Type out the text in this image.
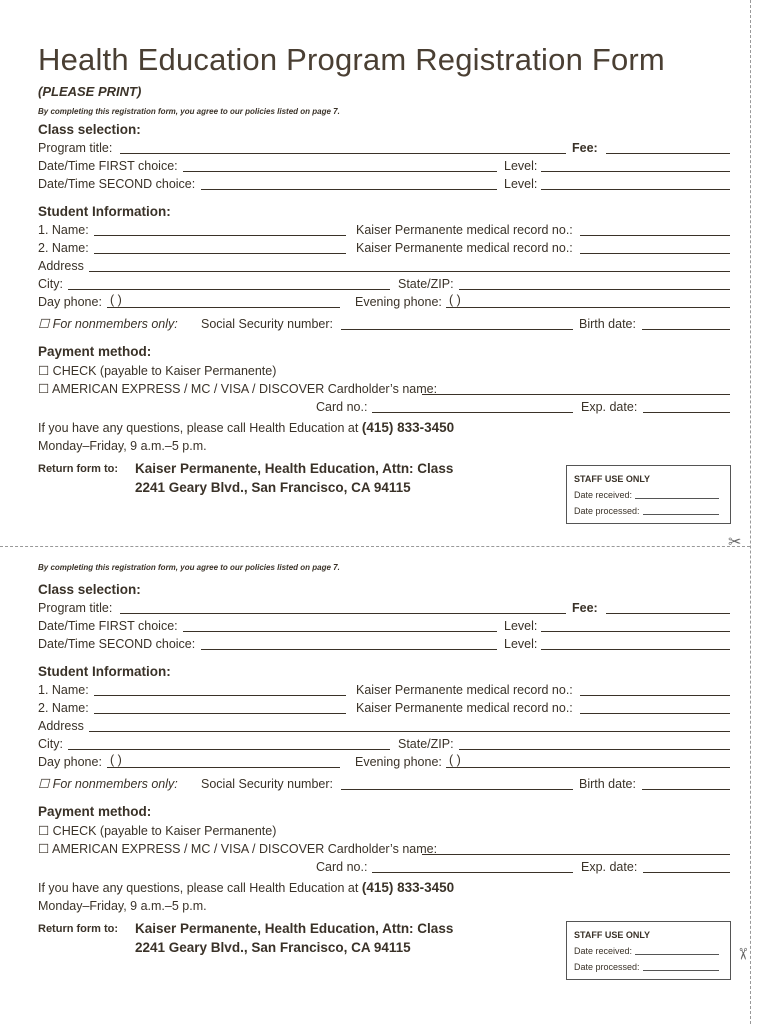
✂
✂
Health Education Program Registration Form
(PLEASE PRINT)
By completing this registration form, you agree to our policies listed on page 7.
Class selection:
Program title:	Fee:
Date/Time FIRST choice:	Level:
Date/Time SECOND choice:	Level:
Student Information:
1. Name:	Kaiser Permanente medical record no.:
2. Name:	Kaiser Permanente medical record no.:
Address
City:	State/ZIP:
Day phone: ( )	Evening phone: ( )
☐ For nonmembers only: Social Security number:	Birth date:
Payment method:
☐ CHECK (payable to Kaiser Permanente)
☐ AMERICAN EXPRESS / MC / VISA / DISCOVER Cardholder’s name:
Card no.:	Exp. date:
If you have any questions, please call Health Education at (415) 833-3450
Monday–Friday, 9 a.m.–5 p.m.
Return form to: Kaiser Permanente, Health Education, Attn: Class
2241 Geary Blvd., San Francisco, CA 94115
STAFF USE ONLY
Date received:
Date processed:
By completing this registration form, you agree to our policies listed on page 7.
Class selection:
Program title:	Fee:
Date/Time FIRST choice:	Level:
Date/Time SECOND choice:	Level:
Student Information:
1. Name:	Kaiser Permanente medical record no.:
2. Name:	Kaiser Permanente medical record no.:
Address
City:	State/ZIP:
Day phone: ( )	Evening phone: ( )
☐ For nonmembers only: Social Security number:	Birth date:
Payment method:
☐ CHECK (payable to Kaiser Permanente)
☐ AMERICAN EXPRESS / MC / VISA / DISCOVER Cardholder’s name:
Card no.:	Exp. date:
If you have any questions, please call Health Education at (415) 833-3450
Monday–Friday, 9 a.m.–5 p.m.
Return form to: Kaiser Permanente, Health Education, Attn: Class
2241 Geary Blvd., San Francisco, CA 94115
STAFF USE ONLY
Date received:
Date processed:
